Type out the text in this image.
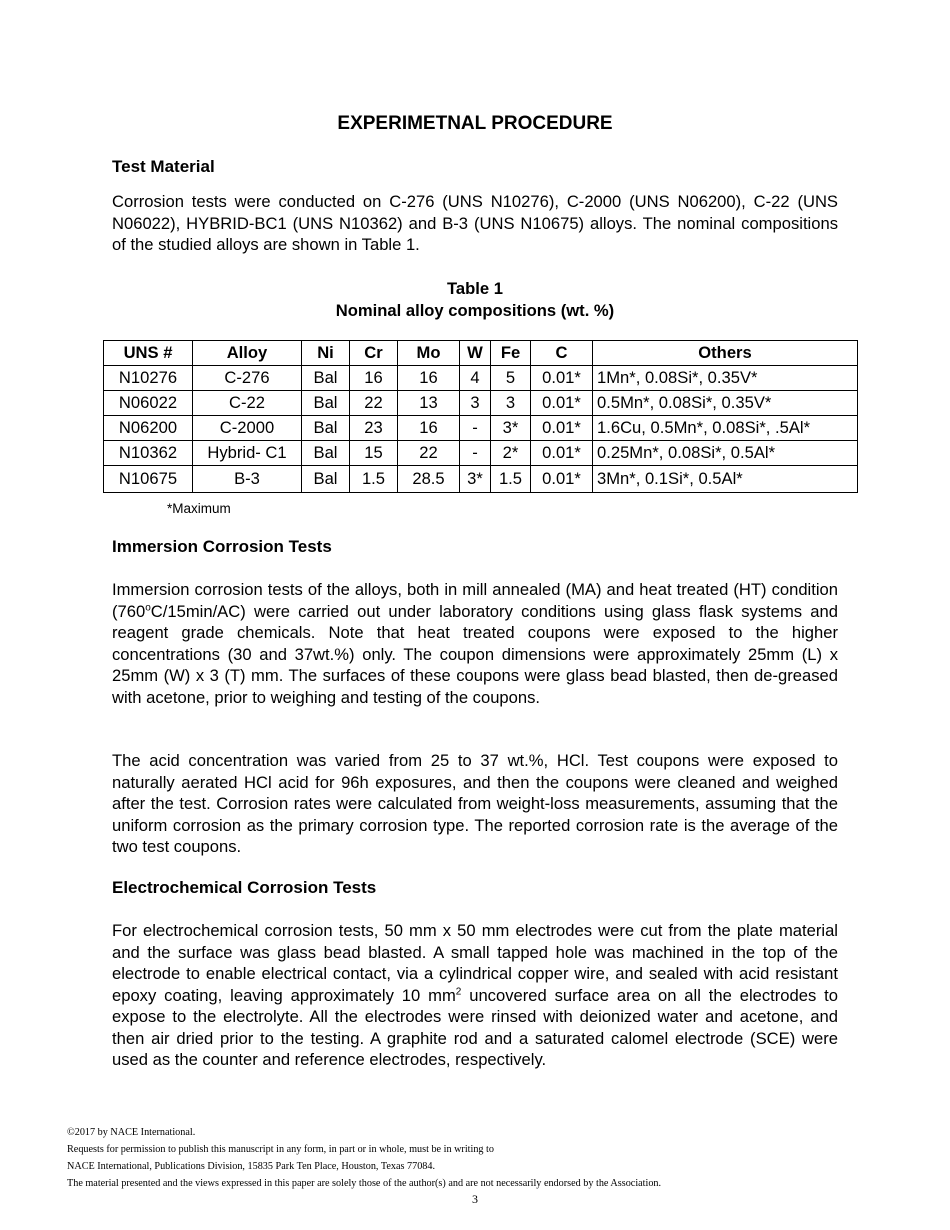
EXPERIMETNAL PROCEDURE
Test Material

Corrosion tests were conducted on C-276 (UNS N10276), C-2000 (UNS N06200), C-22 (UNS N06022), HYBRID-BC1 (UNS N10362) and B-3 (UNS N10675) alloys. The nominal compositions of the studied alloys are shown in Table 1.

Table 1
Nominal alloy compositions (wt. %)
UNS #	Alloy	Ni	Cr	Mo	W	Fe	C	Others
N10276	C-276	Bal	16	16	4	5	0.01*	1Mn*, 0.08Si*, 0.35V*
N06022	C-22	Bal	22	13	3	3	0.01*	0.5Mn*, 0.08Si*, 0.35V*
N06200	C-2000	Bal	23	16	-	3*	0.01*	1.6Cu, 0.5Mn*, 0.08Si*, .5Al*
N10362	Hybrid- C1	Bal	15	22	-	2*	0.01*	0.25Mn*, 0.08Si*, 0.5Al*
N10675	B-3	Bal	1.5	28.5	3*	1.5	0.01*	3Mn*, 0.1Si*, 0.5Al*
*Maximum
Immersion Corrosion Tests

Immersion corrosion tests of the alloys, both in mill annealed (MA) and heat treated (HT) condition (760$^o$C/15min/AC) were carried out under laboratory conditions using glass flask systems and reagent grade chemicals. Note that heat treated coupons were exposed to the higher concentrations (30 and 37wt.%) only. The coupon dimensions were approximately 25mm (L) x 25mm (W) x 3 (T) mm. The surfaces of these coupons were glass bead blasted, then de-greased with acetone, prior to weighing and testing of the coupons.

The acid concentration was varied from 25 to 37 wt.%, HCl. Test coupons were exposed to naturally aerated HCl acid for 96h exposures, and then the coupons were cleaned and weighed after the test. Corrosion rates were calculated from weight-loss measurements, assuming that the uniform corrosion as the primary corrosion type. The reported corrosion rate is the average of the two test coupons.

Electrochemical Corrosion Tests

For electrochemical corrosion tests, 50 mm x 50 mm electrodes were cut from the plate material and the surface was glass bead blasted. A small tapped hole was machined in the top of the electrode to enable electrical contact, via a cylindrical copper wire, and sealed with acid resistant epoxy coating, leaving approximately 10 $mm^2$ uncovered surface area on all the electrodes to expose to the electrolyte. All the electrodes were rinsed with deionized water and acetone, and then air dried prior to the testing. A graphite rod and a saturated calomel electrode (SCE) were used as the counter and reference electrodes, respectively.

©2017 by NACE International.
Requests for permission to publish this manuscript in any form, in part or in whole, must be in writing to
NACE International, Publications Division, 15835 Park Ten Place, Houston, Texas 77084.
The material presented and the views expressed in this paper are solely those of the author(s) and are not necessarily endorsed by the Association.
3
